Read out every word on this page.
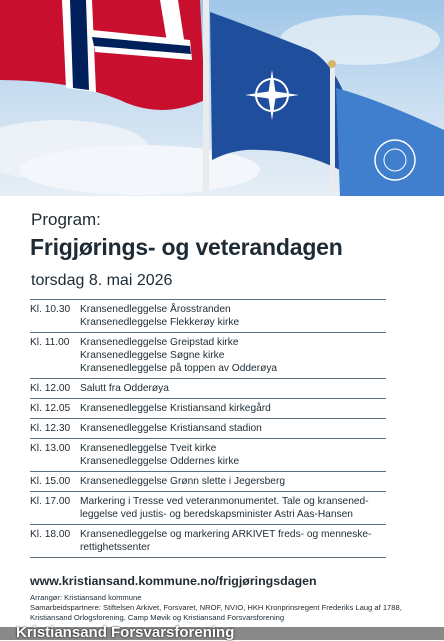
Program:
Frigjørings- og veterandagen
torsdag 8. mai 2026
Kl. 10.30 Kransenedleggelse Årosstranden
Kransenedleggelse Flekkerøy kirke
Kl. 11.00	Kransenedleggelse Greipstad kirke
Kransenedleggelse Søgne kirke
Kransenedleggelse på toppen av Odderøya
Kl. 12.00 Salutt fra Odderøya
Kl. 12.05 Kransenedleggelse Kristiansand kirkegård
Kl. 12.30 Kransenedleggelse Kristiansand stadion
Kl. 13.00 Kransenedleggelse Tveit kirke
Kransenedleggelse Oddernes kirke
Kl. 15.00 Kransenedleggelse Grønn slette i Jegersberg
Kl. 17.00 Markering i Tresse ved veteranmonumentet. Tale og kransened-
leggelse ved justis- og beredskapsminister Astri Aas-Hansen
Kl. 18.00 Kransenedleggelse og markering ARKIVET freds- og menneske-
rettighetssenter
www.kristiansand.kommune.no/frigjøringsdagen
Arrangør: Kristiansand kommune
Samarbeidspartnere: Stiftelsen Arkivet, Forsvaret, NROF, NVIO, HKH Kronprinsregent Frederiks Laug af 1788, Kristiansand Orlogsforening, Camp Møvik og Kristiansand Forsvarsforening
Kristiansand Forsvarsforening
